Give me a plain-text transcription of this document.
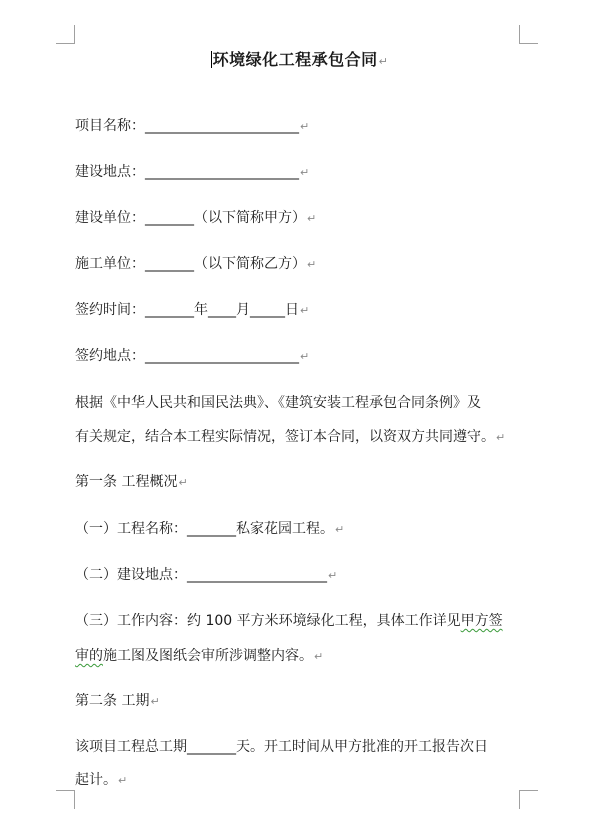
环境绿化工程承包合同↵
项目名称：______________________↵
建设地点：______________________↵
建设单位：_______（以下简称甲方）↵
施工单位：_______（以下简称乙方）↵
签约时间：_______年____月_____日↵
签约地点：______________________↵
根据《中华人民共和国民法典》、《建筑安装工程承包合同条例》及
有关规定，结合本工程实际情况，签订本合同，以资双方共同遵守。↵
第一条 工程概况↵
（一）工程名称：_______私家花园工程。↵
（二）建设地点：____________________↵
（三）工作内容：约 100 平方米环境绿化工程，具体工作详见甲方签
审的施工图及图纸会审所涉调整内容。↵
第二条 工期↵
该项目工程总工期_______天。开工时间从甲方批准的开工报告次日
起计。↵
